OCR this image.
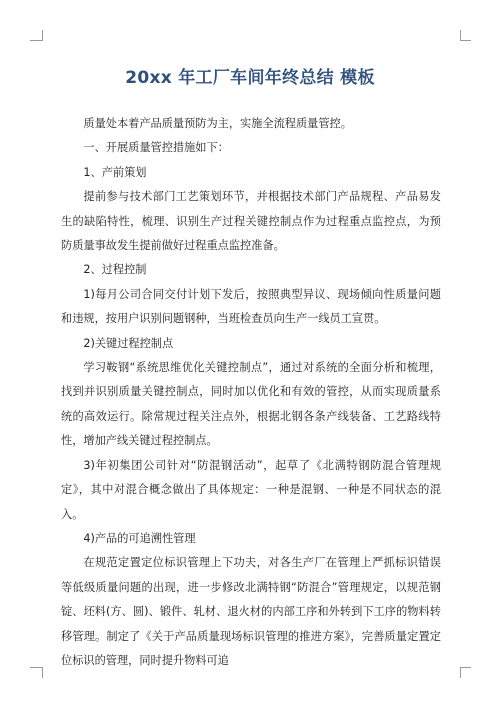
20xx 年工厂车间年终总结 模板

质量处本着产品质量预防为主，实施全流程质量管控。

一、开展质量管控措施如下：

1、产前策划

提前参与技术部门工艺策划环节，并根据技术部门产品规程、产品易发生的缺陷特性，梳理、识别生产过程关键控制点作为过程重点监控点，为预防质量事故发生提前做好过程重点监控准备。

2、过程控制

1)每月公司合同交付计划下发后，按照典型异议、现场倾向性质量问题和违规，按用户识别问题钢种，当班检查员向生产一线员工宣贯。

2)关键过程控制点

学习鞍钢“系统思维优化关键控制点”，通过对系统的全面分析和梳理，找到并识别质量关键控制点，同时加以优化和有效的管控，从而实现质量系统的高效运行。除常规过程关注点外，根据北钢各条产线装备、工艺路线特性，增加产线关键过程控制点。

3)年初集团公司针对“防混钢活动”，起草了《北满特钢防混合管理规定》，其中对混合概念做出了具体规定：一种是混钢、一种是不同状态的混入。

4)产品的可追溯性管理

在规范定置定位标识管理上下功夫，对各生产厂在管理上严抓标识错误等低级质量问题的出现，进一步修改北满特钢“防混合”管理规定，以规范钢锭、坯料(方、圆)、锻件、轧材、退火材的内部工序和外转到下工序的物料转移管理。制定了《关于产品质量现场标识管理的推进方案》，完善质量定置定位标识的管理，同时提升物料可追
